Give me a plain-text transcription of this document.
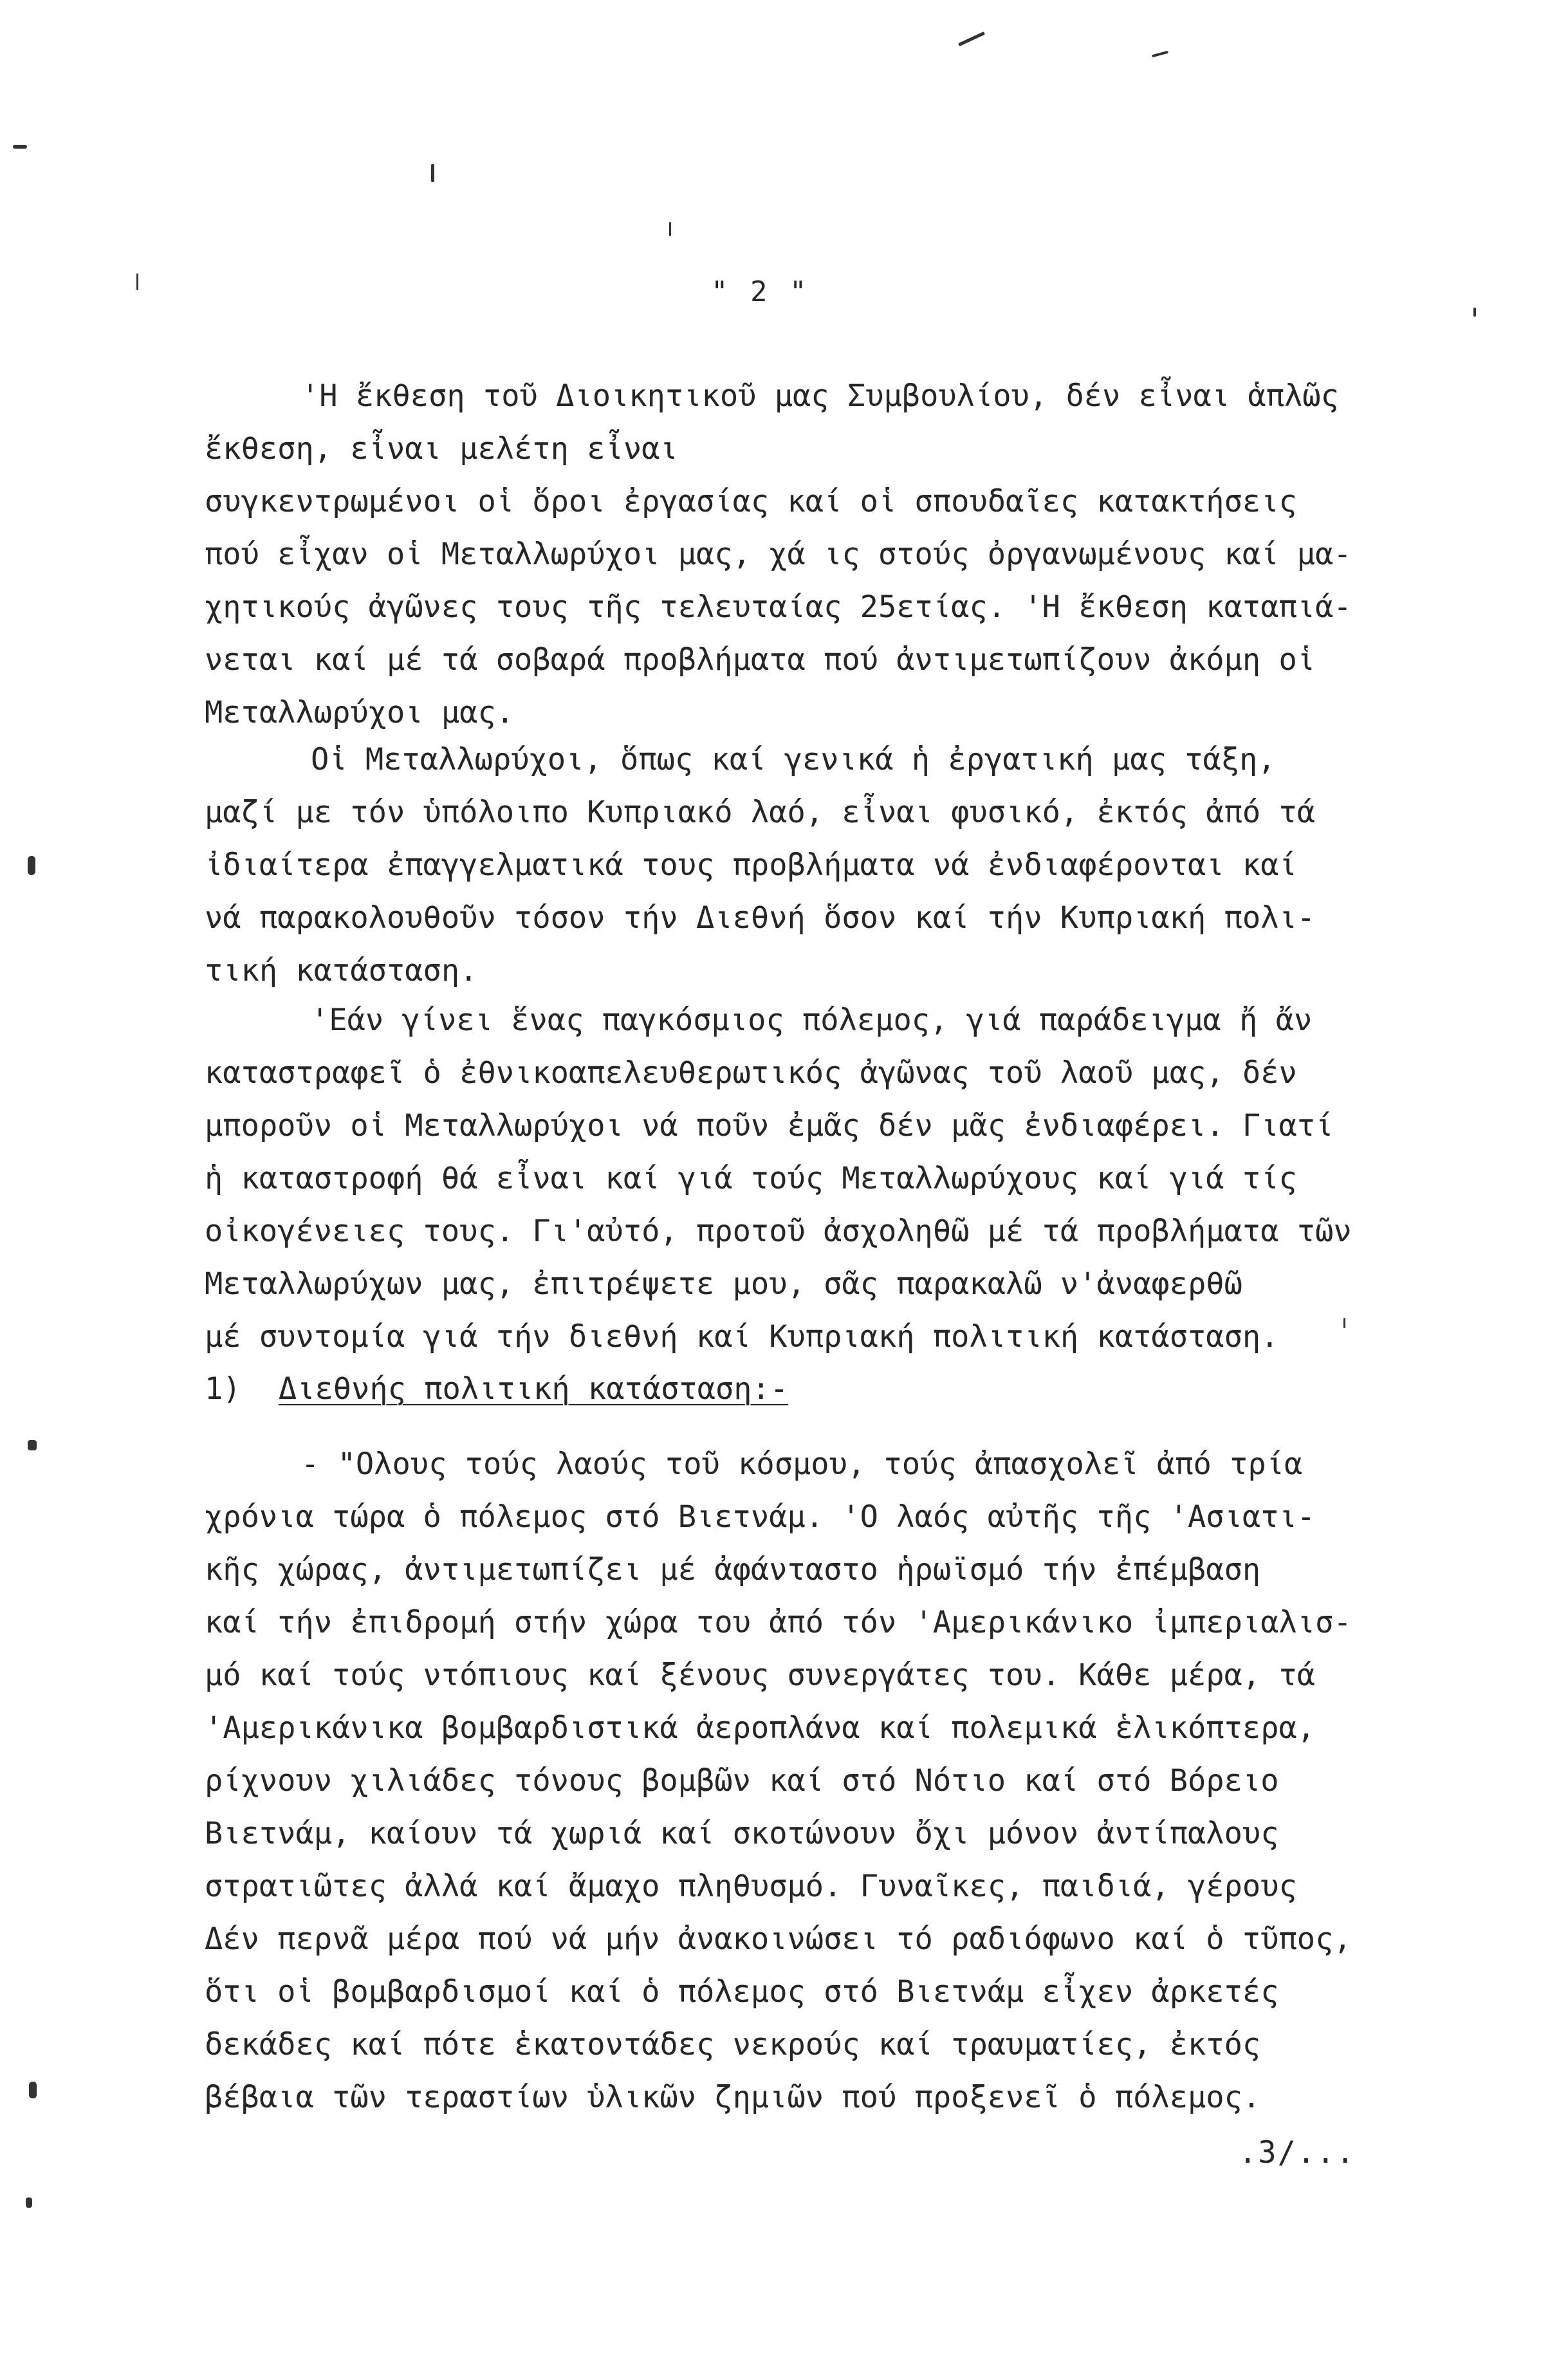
" 2 "
'Η ἔκθεση τοῦ Διοικητικοῦ μας Συμβουλίου, δέν εἶναι ἁπλῶς
ἔκθεση, εἶναι μελέτη εἶναι
συγκεντρωμένοι οἱ ὅροι ἐργασίας καί οἱ σπουδαῖες κατακτήσεις
πού εἶχαν οἱ Μεταλλωρύχοι μας, χά ις στούς ὀργανωμένους καί μα-
χητικούς ἀγῶνες τους τῆς τελευταίας 25ετίας. 'Η ἔκθεση καταπιά-
νεται καί μέ τά σοβαρά προβλήματα πού ἀντιμετωπίζουν ἀκόμη οἱ
Μεταλλωρύχοι μας.
Οἱ Μεταλλωρύχοι, ὅπως καί γενικά ἡ ἐργατική μας τάξη,
μαζί με τόν ὑπόλοιπο Κυπριακό λαό, εἶναι φυσικό, ἐκτός ἀπό τά
ἰδιαίτερα ἐπαγγελματικά τους προβλήματα νά ἐνδιαφέρονται καί
νά παρακολουθοῦν τόσον τήν Διεθνή ὅσον καί τήν Κυπριακή πολι-
τική κατάσταση.
'Εάν γίνει ἕνας παγκόσμιος πόλεμος, γιά παράδειγμα ἤ ἄν
καταστραφεῖ ὁ ἐθνικοαπελευθερωτικός ἀγῶνας τοῦ λαοῦ μας, δέν
μποροῦν οἱ Μεταλλωρύχοι νά ποῦν ἐμᾶς δέν μᾶς ἐνδιαφέρει. Γιατί
ἡ καταστροφή θά εἶναι καί γιά τούς Μεταλλωρύχους καί γιά τίς
οἰκογένειες τους. Γι'αὐτό, προτοῦ ἀσχοληθῶ μέ τά προβλήματα τῶν
Μεταλλωρύχων μας, ἐπιτρέψετε μου, σᾶς παρακαλῶ ν'ἀναφερθῶ
μέ συντομία γιά τήν διεθνή καί Κυπριακή πολιτική κατάσταση.
1) Διεθνής πολιτική κατάσταση:-
- "Ολους τούς λαούς τοῦ κόσμου, τούς ἀπασχολεῖ ἀπό τρία
χρόνια τώρα ὁ πόλεμος στό Βιετνάμ. 'Ο λαός αὐτῆς τῆς 'Ασιατι-
κῆς χώρας, ἀντιμετωπίζει μέ ἀφάνταστο ἡρωϊσμό τήν ἐπέμβαση
καί τήν ἐπιδρομή στήν χώρα του ἀπό τόν 'Αμερικάνικο ἰμπεριαλισ-
μό καί τούς ντόπιους καί ξένους συνεργάτες του. Κάθε μέρα, τά
'Αμερικάνικα βομβαρδιστικά ἀεροπλάνα καί πολεμικά ἑλικόπτερα,
ρίχνουν χιλιάδες τόνους βομβῶν καί στό Νότιο καί στό Βόρειο
Βιετνάμ, καίουν τά χωριά καί σκοτώνουν ὄχι μόνον ἀντίπαλους
στρατιῶτες ἀλλά καί ἄμαχο πληθυσμό. Γυναῖκες, παιδιά, γέρους
Δέν περνᾶ μέρα πού νά μήν ἀνακοινώσει τό ραδιόφωνο καί ὁ τῦπος,
ὅτι οἱ βομβαρδισμοί καί ὁ πόλεμος στό Βιετνάμ εἶχεν ἀρκετές
δεκάδες καί πότε ἑκατοντάδες νεκρούς καί τραυματίες, ἐκτός
βέβαια τῶν τεραστίων ὑλικῶν ζημιῶν πού προξενεῖ ὁ πόλεμος.
.3/...
